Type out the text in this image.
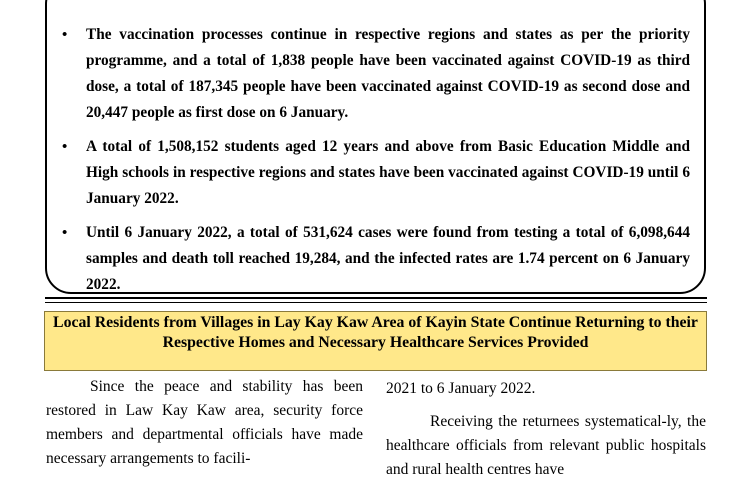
• The vaccination processes continue in respective regions and states as per the priority programme, and a total of 1,838 people have been vaccinated against COVID-19 as third dose, a total of 187,345 people have been vaccinated against COVID-19 as second dose and 20,447 people as first dose on 6 January.
• A total of 1,508,152 students aged 12 years and above from Basic Education Middle and High schools in respective regions and states have been vaccinated against COVID-19 until 6 January 2022.
• Until 6 January 2022, a total of 531,624 cases were found from testing a total of 6,098,644 samples and death toll reached 19,284, and the infected rates are 1.74 percent on 6 January 2022.
Local Residents from Villages in Lay Kay Kaw Area of Kayin State Continue Returning to their Respective Homes and Necessary Healthcare Services Provided

Since the peace and stability has been restored in Law Kay Kaw area, security force members and departmental officials have made necessary arrangements to facili-

2021 to 6 January 2022.

Receiving the returnees systematical-ly, the healthcare officials from relevant public hospitals and rural health centres have
